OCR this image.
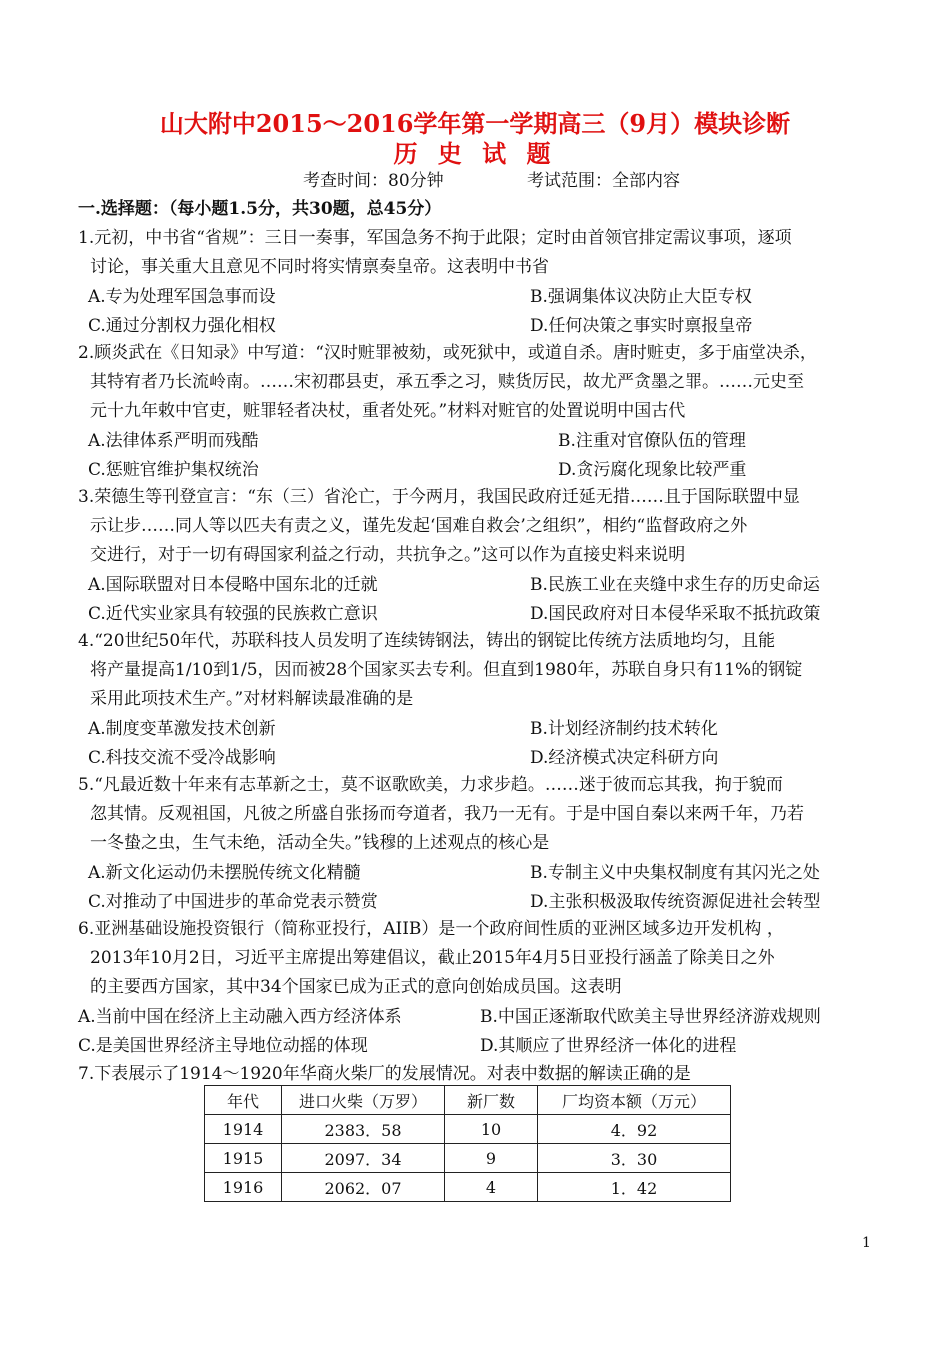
山大附中2015～2016学年第一学期高三（9月）模块诊断
历 史 试 题
考查时间：80分钟	考试范围：全部内容
一.选择题：（每小题1.5分，共30题，总45分）
1.元初，中书省“省规”：三日一奏事，军国急务不拘于此限；定时由首领官排定需议事项，逐项
讨论，事关重大且意见不同时将实情禀奏皇帝。这表明中书省
A.专为处理军国急事而设	B.强调集体议决防止大臣专权
C.通过分割权力强化相权	D.任何决策之事实时禀报皇帝
2.顾炎武在《日知录》中写道：“汉时赃罪被劾，或死狱中，或道自杀。唐时赃吏，多于庙堂决杀，
其特宥者乃长流岭南。……宋初郡县吏，承五季之习，赎货厉民，故尤严贪墨之罪。……元史至
元十九年敕中官吏，赃罪轻者决杖，重者处死。”材料对赃官的处置说明中国古代
A.法律体系严明而残酷	B.注重对官僚队伍的管理
C.惩赃官维护集权统治	D.贪污腐化现象比较严重
3.荣德生等刊登宣言：“东（三）省沦亡，于今两月，我国民政府迁延无措……且于国际联盟中显
示让步……同人等以匹夫有责之义，谨先发起‘国难自救会’之组织”，相约“监督政府之外
交进行，对于一切有碍国家利益之行动，共抗争之。”这可以作为直接史料来说明
A.国际联盟对日本侵略中国东北的迁就	B.民族工业在夹缝中求生存的历史命运
C.近代实业家具有较强的民族救亡意识	D.国民政府对日本侵华采取不抵抗政策
4.“20世纪50年代，苏联科技人员发明了连续铸钢法，铸出的钢锭比传统方法质地均匀，且能
将产量提高1/10到1/5，因而被28个国家买去专利。但直到1980年，苏联自身只有11%的钢锭
采用此项技术生产。”对材料解读最准确的是
A.制度变革激发技术创新	B.计划经济制约技术转化
C.科技交流不受冷战影响	D.经济模式决定科研方向
5.“凡最近数十年来有志革新之士，莫不讴歌欧美，力求步趋。……迷于彼而忘其我，拘于貌而
忽其情。反观祖国，凡彼之所盛自张扬而夸道者，我乃一无有。于是中国自秦以来两千年，乃若
一冬蛰之虫，生气未绝，活动全失。”钱穆的上述观点的核心是
A.新文化运动仍未摆脱传统文化精髓	B.专制主义中央集权制度有其闪光之处
C.对推动了中国进步的革命党表示赞赏	D.主张积极汲取传统资源促进社会转型
6.亚洲基础设施投资银行（简称亚投行，AIIB）是一个政府间性质的亚洲区域多边开发机构 ，
2013年10月2日，习近平主席提出筹建倡议，截止2015年4月5日亚投行涵盖了除美日之外
的主要西方国家，其中34个国家已成为正式的意向创始成员国。这表明
A.当前中国在经济上主动融入西方经济体系	B.中国正逐渐取代欧美主导世界经济游戏规则
C.是美国世界经济主导地位动摇的体现	D.其顺应了世界经济一体化的进程
7.下表展示了1914～1920年华商火柴厂的发展情况。对表中数据的解读正确的是
年代	进口火柴（万罗）	新厂数	厂均资本额（万元）
1914	2383．58	10	4．92
1915	2097．34	9	3．30
1916	2062．07	4	1．42
1
